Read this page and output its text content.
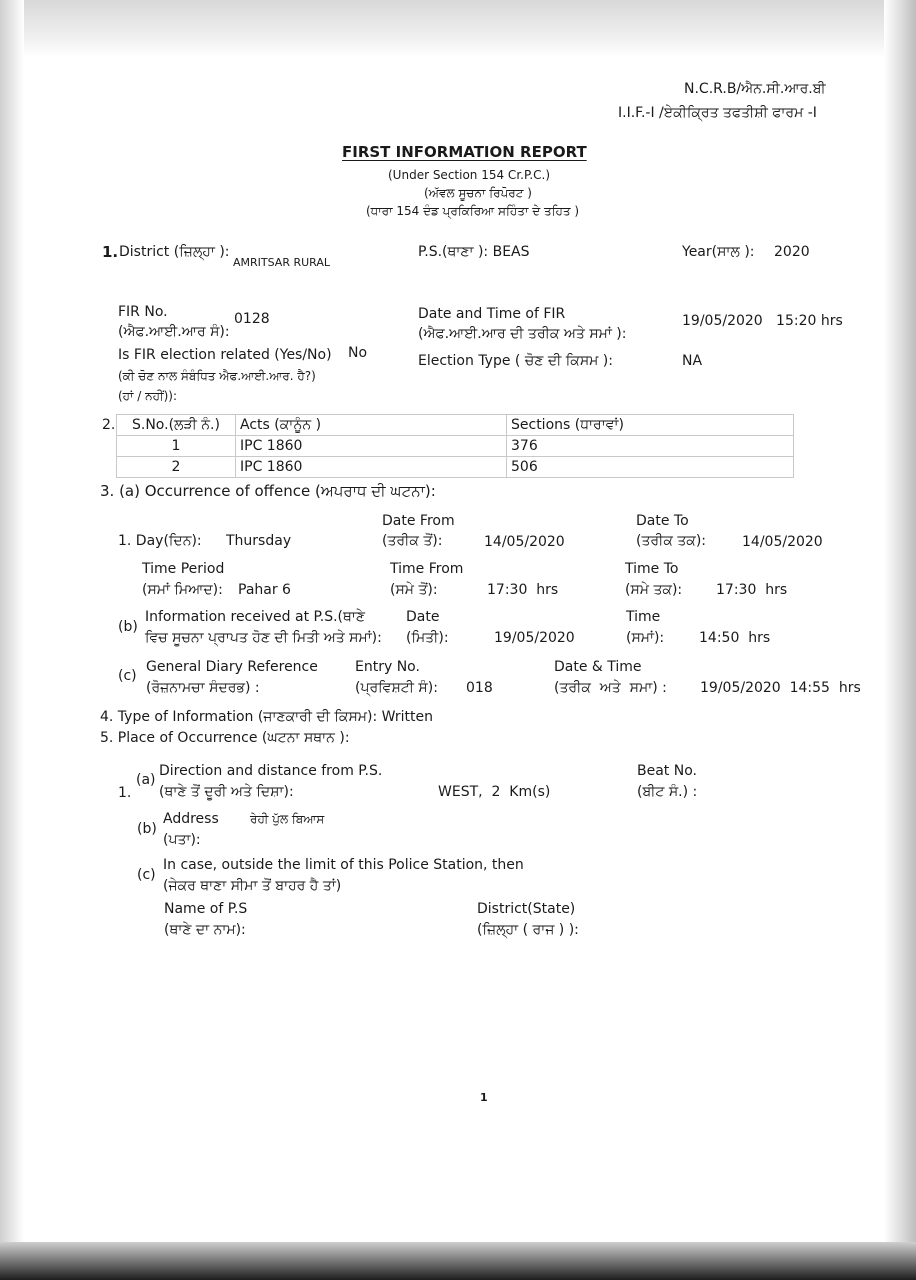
N.C.R.B/ਐਨ.ਸੀ.ਆਰ.ਬੀ
I.I.F.-I /ਏਕੀਕ੍ਰਿਤ ਤਫਤੀਸ਼ੀ ਫਾਰਮ -I
FIRST INFORMATION REPORT
(Under Section 154 Cr.P.C.)
(ਅੱਵਲ ਸੂਚਨਾ ਰਿਪੋਰਟ )
(ਧਾਰਾ 154 ਦੰਡ ਪ੍ਰਕਿਰਿਆ ਸਹਿੰਤਾ ਦੇ ਤਹਿਤ )
1. District (ਜ਼ਿਲ੍ਹਾ ):
AMRITSAR RURAL
P.S.(ਥਾਣਾ ): BEAS	Year(ਸਾਲ ): 2020
FIR No.
(ਐਫ.ਆਈ.ਆਰ ਸੰ):
0128	Date and Time of FIR
(ਐਫ.ਆਈ.ਆਰ ਦੀ ਤਰੀਕ ਅਤੇ ਸਮਾਂ ):
19/05/2020   15:20 hrs
Is FIR election related (Yes/No) No
(ਕੀ ਚੋਣ ਨਾਲ ਸੰਬੰਧਿਤ ਐਫ.ਆਈ.ਆਰ. ਹੈ?)
(ਹਾਂ / ਨਹੀਂ)):
Election Type ( ਚੋਣ ਦੀ ਕਿਸਮ ):	NA
2. S.No.(ਲੜੀ ਨੰ.)	Acts (ਕਾਨੂੰਨ )	Sections (ਧਾਰਾਵਾਂ)
1	IPC 1860	376
2	IPC 1860	506
3. (a) Occurrence of offence (ਅਪਰਾਧ ਦੀ ਘਟਨਾ):
Date From
(ਤਰੀਕ ਤੋਂ):	14/05/2020
Date To
(ਤਰੀਕ ਤਕ):	14/05/2020
1. Day(ਦਿਨ): Thursday
Time Period
(ਸਮਾਂ ਮਿਆਦ): Pahar 6
Time From
(ਸਮੇ ਤੋਂ):	17:30  hrs
Time To
(ਸਮੇ ਤਕ): 17:30  hrs
(b)
Information received at P.S.(ਥਾਣੇ
ਵਿਚ ਸੂਚਨਾ ਪ੍ਰਾਪਤ ਹੋਣ ਦੀ ਮਿਤੀ ਅਤੇ ਸਮਾਂ):
Date
(ਮਿਤੀ):	19/05/2020
Time
(ਸਮਾਂ): 14:50  hrs
(c)
General Diary Reference
(ਰੋਜ਼ਨਾਮਚਾ ਸੰਦਰਭ) :
Entry No.
(ਪ੍ਰਵਿਸ਼ਟੀ ਸੰ): 018
Date & Time
(ਤਰੀਕ  ਅਤੇ  ਸਮਾ) : 19/05/2020  14:55  hrs
4. Type of Information (ਜਾਣਕਾਰੀ ਦੀ ਕਿਸਮ): Written
5. Place of Occurrence (ਘਟਨਾ ਸਥਾਨ ):
1.
(a)
Direction and distance from P.S.
(ਥਾਣੇ ਤੋਂ ਦੂਰੀ ਅਤੇ ਦਿਸ਼ਾ):	WEST,  2  Km(s)
Beat No.
(ਬੀਟ ਸੰ.) :
(b)
Address
(ਪਤਾ):
ਰੇਹੀ ਪੁੱਲ ਬਿਆਸ
(c)
In case, outside the limit of this Police Station, then
(ਜੇਕਰ ਥਾਣਾ ਸੀਮਾ ਤੋਂ ਬਾਹਰ ਹੈ ਤਾਂ)
Name of P.S
(ਥਾਣੇ ਦਾ ਨਾਮ):
District(State)
(ਜ਼ਿਲ੍ਹਾ ( ਰਾਜ ) ):
1
